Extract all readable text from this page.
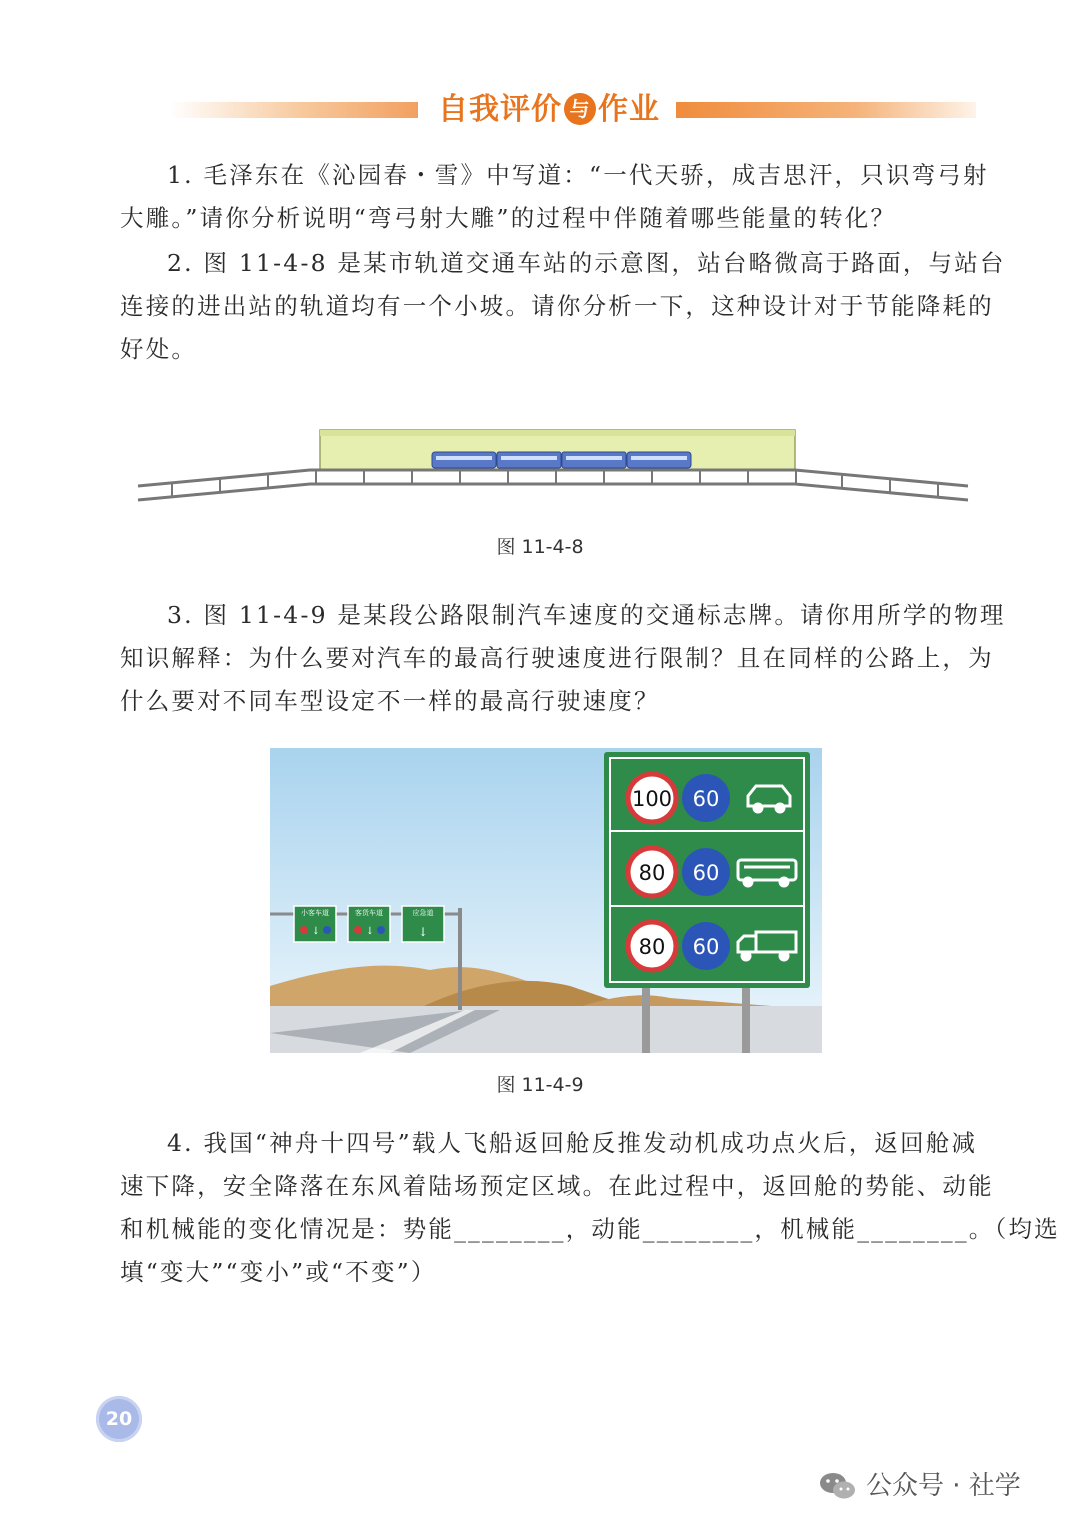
自我评价 与 作业
1. 毛泽东在《沁园春・雪》中写道：“一代天骄，成吉思汗，只识弯弓射
大雕。”请你分析说明“弯弓射大雕”的过程中伴随着哪些能量的转化？
2. 图 11-4-8 是某市轨道交通车站的示意图，站台略微高于路面，与站台
连接的进出站的轨道均有一个小坡。请你分析一下，这种设计对于节能降耗的
好处。
图 11-4-8
3. 图 11-4-9 是某段公路限制汽车速度的交通标志牌。请你用所学的物理
知识解释：为什么要对汽车的最高行驶速度进行限制？且在同样的公路上，为
什么要对不同车型设定不一样的最高行驶速度？
小客车道
↓
客货车道
↓
应急道
↓
100 60
80 60
80 60
图 11-4-9
4. 我国“神舟十四号”载人飞船返回舱反推发动机成功点火后，返回舱减
速下降，安全降落在东风着陆场预定区域。在此过程中，返回舱的势能、动能
和机械能的变化情况是：势能________，动能________，机械能________。（均选
填“变大”“变小”或“不变”）
20
公众号 · 社学
